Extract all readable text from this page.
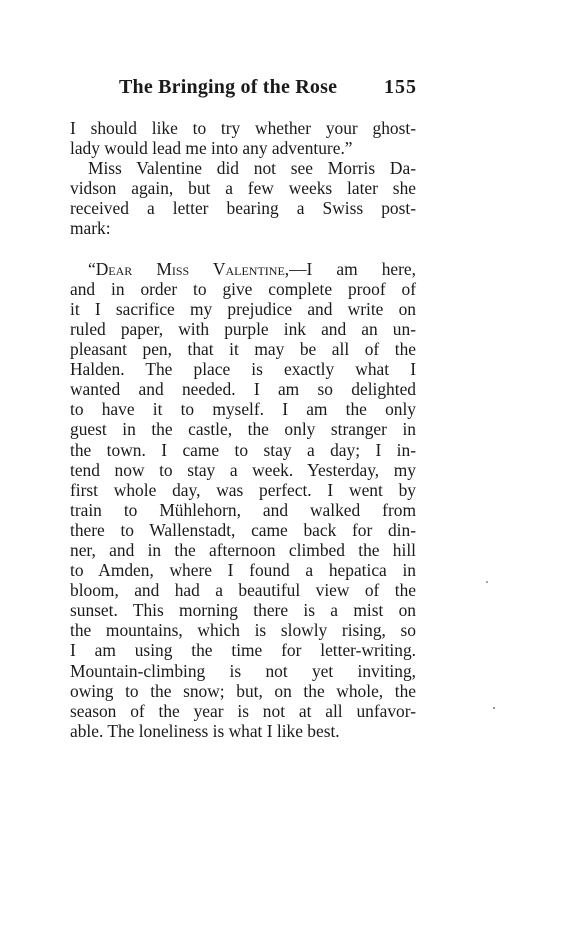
The Bringing of the Rose 155
I should like to try whether your ghost-
lady would lead me into any adventure.”
Miss Valentine did not see Morris Da-
vidson again, but a few weeks later she
received a letter bearing a Swiss post-
mark:
“Dear Miss Valentine,—I am here,
and in order to give complete proof of
it I sacrifice my prejudice and write on
ruled paper, with purple ink and an un-
pleasant pen, that it may be all of the
Halden. The place is exactly what I
wanted and needed. I am so delighted
to have it to myself. I am the only
guest in the castle, the only stranger in
the town. I came to stay a day; I in-
tend now to stay a week. Yesterday, my
first whole day, was perfect. I went by
train to Mühlehorn, and walked from
there to Wallenstadt, came back for din-
ner, and in the afternoon climbed the hill
to Amden, where I found a hepatica in
bloom, and had a beautiful view of the
sunset. This morning there is a mist on
the mountains, which is slowly rising, so
I am using the time for letter-writing.
Mountain-climbing is not yet inviting,
owing to the snow; but, on the whole, the
season of the year is not at all unfavor-
able. The loneliness is what I like best.
